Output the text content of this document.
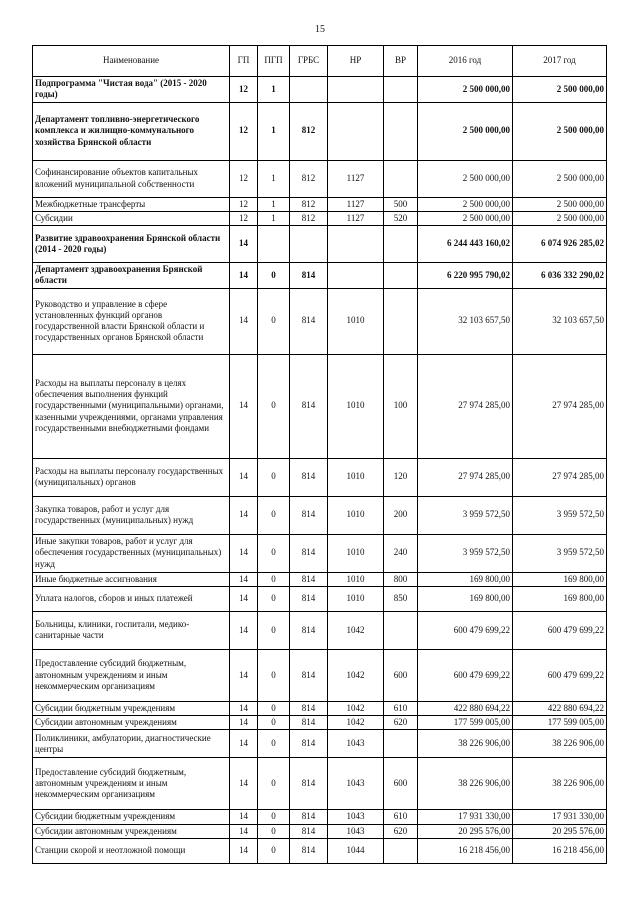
15
Наименование	ГП	ПГП	ГРБС	НР	ВР	2016 год	2017 год
Подпрограмма "Чистая вода" (2015 - 2020 годы)	12	1				2 500 000,00	2 500 000,00
Департамент топливно-энергетического комплекса и жилищно-коммунального хозяйства Брянской области	12	1	812			2 500 000,00	2 500 000,00
Софинансирование объектов капитальных вложений муниципальной собственности	12	1	812	1127		2 500 000,00	2 500 000,00
Межбюджетные трансферты	12	1	812	1127	500	2 500 000,00	2 500 000,00
Субсидии	12	1	812	1127	520	2 500 000,00	2 500 000,00
Развитие здравоохранения Брянской области (2014 - 2020 годы)	14					6 244 443 160,02	6 074 926 285,02
Департамент здравоохранения Брянской области	14	0	814			6 220 995 790,02	6 036 332 290,02
Руководство и управление в сфере установленных функций органов государственной власти Брянской области и государственных органов Брянской области	14	0	814	1010		32 103 657,50	32 103 657,50
Расходы на выплаты персоналу в целях обеспечения выполнения функций государственными (муниципальными) органами, казенными учреждениями, органами управления государственными внебюджетными фондами	14	0	814	1010	100	27 974 285,00	27 974 285,00
Расходы на выплаты персоналу государственных (муниципальных) органов	14	0	814	1010	120	27 974 285,00	27 974 285,00
Закупка товаров, работ и услуг для государственных (муниципальных) нужд	14	0	814	1010	200	3 959 572,50	3 959 572,50
Иные закупки товаров, работ и услуг для обеспечения государственных (муниципальных) нужд	14	0	814	1010	240	3 959 572,50	3 959 572,50
Иные бюджетные ассигнования	14	0	814	1010	800	169 800,00	169 800,00
Уплата налогов, сборов и иных платежей	14	0	814	1010	850	169 800,00	169 800,00
Больницы, клиники, госпитали, медико-санитарные части	14	0	814	1042		600 479 699,22	600 479 699,22
Предоставление субсидий бюджетным, автономным учреждениям и иным некоммерческим организациям	14	0	814	1042	600	600 479 699,22	600 479 699,22
Субсидии бюджетным учреждениям	14	0	814	1042	610	422 880 694,22	422 880 694,22
Субсидии автономным учреждениям	14	0	814	1042	620	177 599 005,00	177 599 005,00
Поликлиники, амбулатории, диагностические центры	14	0	814	1043		38 226 906,00	38 226 906,00
Предоставление субсидий бюджетным, автономным учреждениям и иным некоммерческим организациям	14	0	814	1043	600	38 226 906,00	38 226 906,00
Субсидии бюджетным учреждениям	14	0	814	1043	610	17 931 330,00	17 931 330,00
Субсидии автономным учреждениям	14	0	814	1043	620	20 295 576,00	20 295 576,00
Станции скорой и неотложной помощи	14	0	814	1044		16 218 456,00	16 218 456,00
